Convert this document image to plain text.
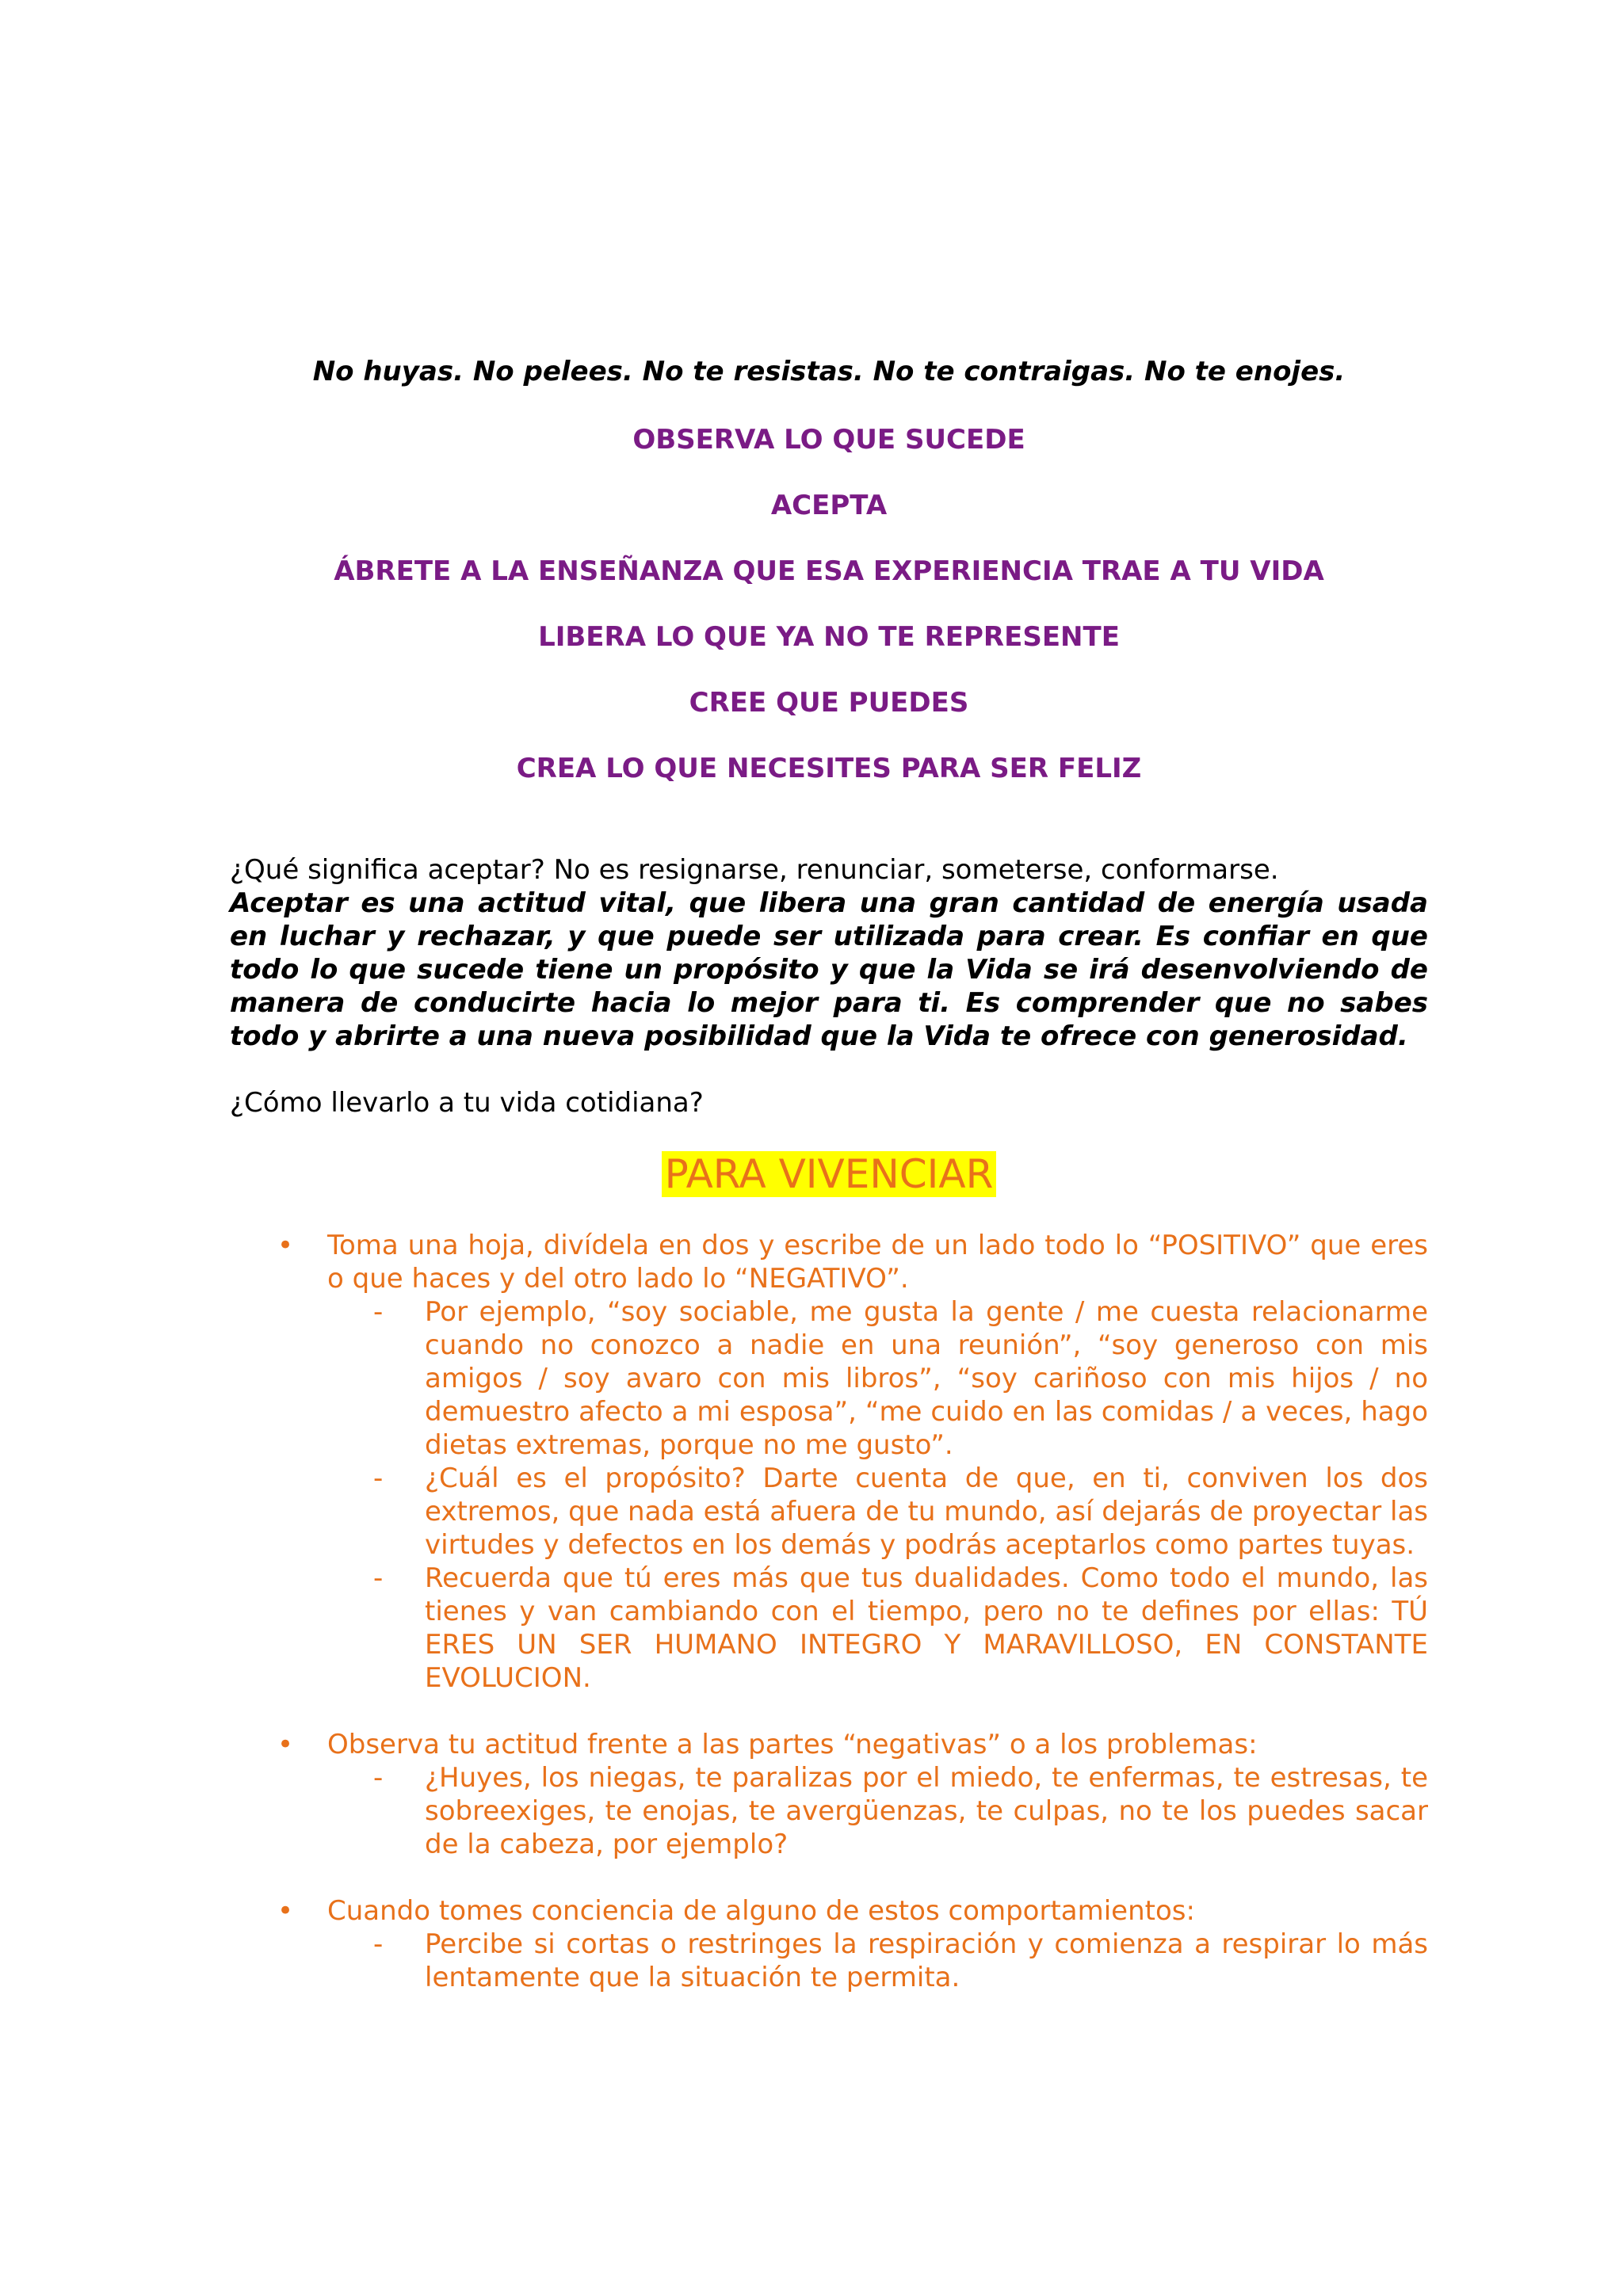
No huyas. No pelees. No te resistas. No te contraigas. No te enojes.

OBSERVA LO QUE SUCEDE

ACEPTA

ÁBRETE A LA ENSEÑANZA QUE ESA EXPERIENCIA TRAE A TU VIDA

LIBERA LO QUE YA NO TE REPRESENTE

CREE QUE PUEDES

CREA LO QUE NECESITES PARA SER FELIZ

¿Qué significa aceptar? No es resignarse, renunciar, someterse, conformarse.

Aceptar es una actitud vital, que libera una gran cantidad de energía usada en luchar y rechazar, y que puede ser utilizada para crear. Es confiar en que todo lo que sucede tiene un propósito y que la Vida se irá desenvolviendo de manera de conducirte hacia lo mejor para ti. Es comprender que no sabes todo y abrirte a una nueva posibilidad que la Vida te ofrece con generosidad.

¿Cómo llevarlo a tu vida cotidiana?

PARA VIVENCIAR
• Toma una hoja, divídela en dos y escribe de un lado todo lo “POSITIVO” que eres o que haces y del otro lado lo “NEGATIVO”.
- Por ejemplo, “soy sociable, me gusta la gente / me cuesta relacionarme cuando no conozco a nadie en una reunión”, “soy generoso con mis amigos / soy avaro con mis libros”, “soy cariñoso con mis hijos / no demuestro afecto a mi esposa”, “me cuido en las comidas / a veces, hago dietas extremas, porque no me gusto”.
- ¿Cuál es el propósito? Darte cuenta de que, en ti, conviven los dos extremos, que nada está afuera de tu mundo, así dejarás de proyectar las virtudes y defectos en los demás y podrás aceptarlos como partes tuyas.
- Recuerda que tú eres más que tus dualidades. Como todo el mundo, las tienes y van cambiando con el tiempo, pero no te defines por ellas: TÚ ERES UN SER HUMANO INTEGRO Y MARAVILLOSO, EN CONSTANTE EVOLUCION.
• Observa tu actitud frente a las partes “negativas” o a los problemas:
- ¿Huyes, los niegas, te paralizas por el miedo, te enfermas, te estresas, te sobreexiges, te enojas, te avergüenzas, te culpas, no te los puedes sacar de la cabeza, por ejemplo?
• Cuando tomes conciencia de alguno de estos comportamientos:
- Percibe si cortas o restringes la respiración y comienza a respirar lo más lentamente que la situación te permita.
